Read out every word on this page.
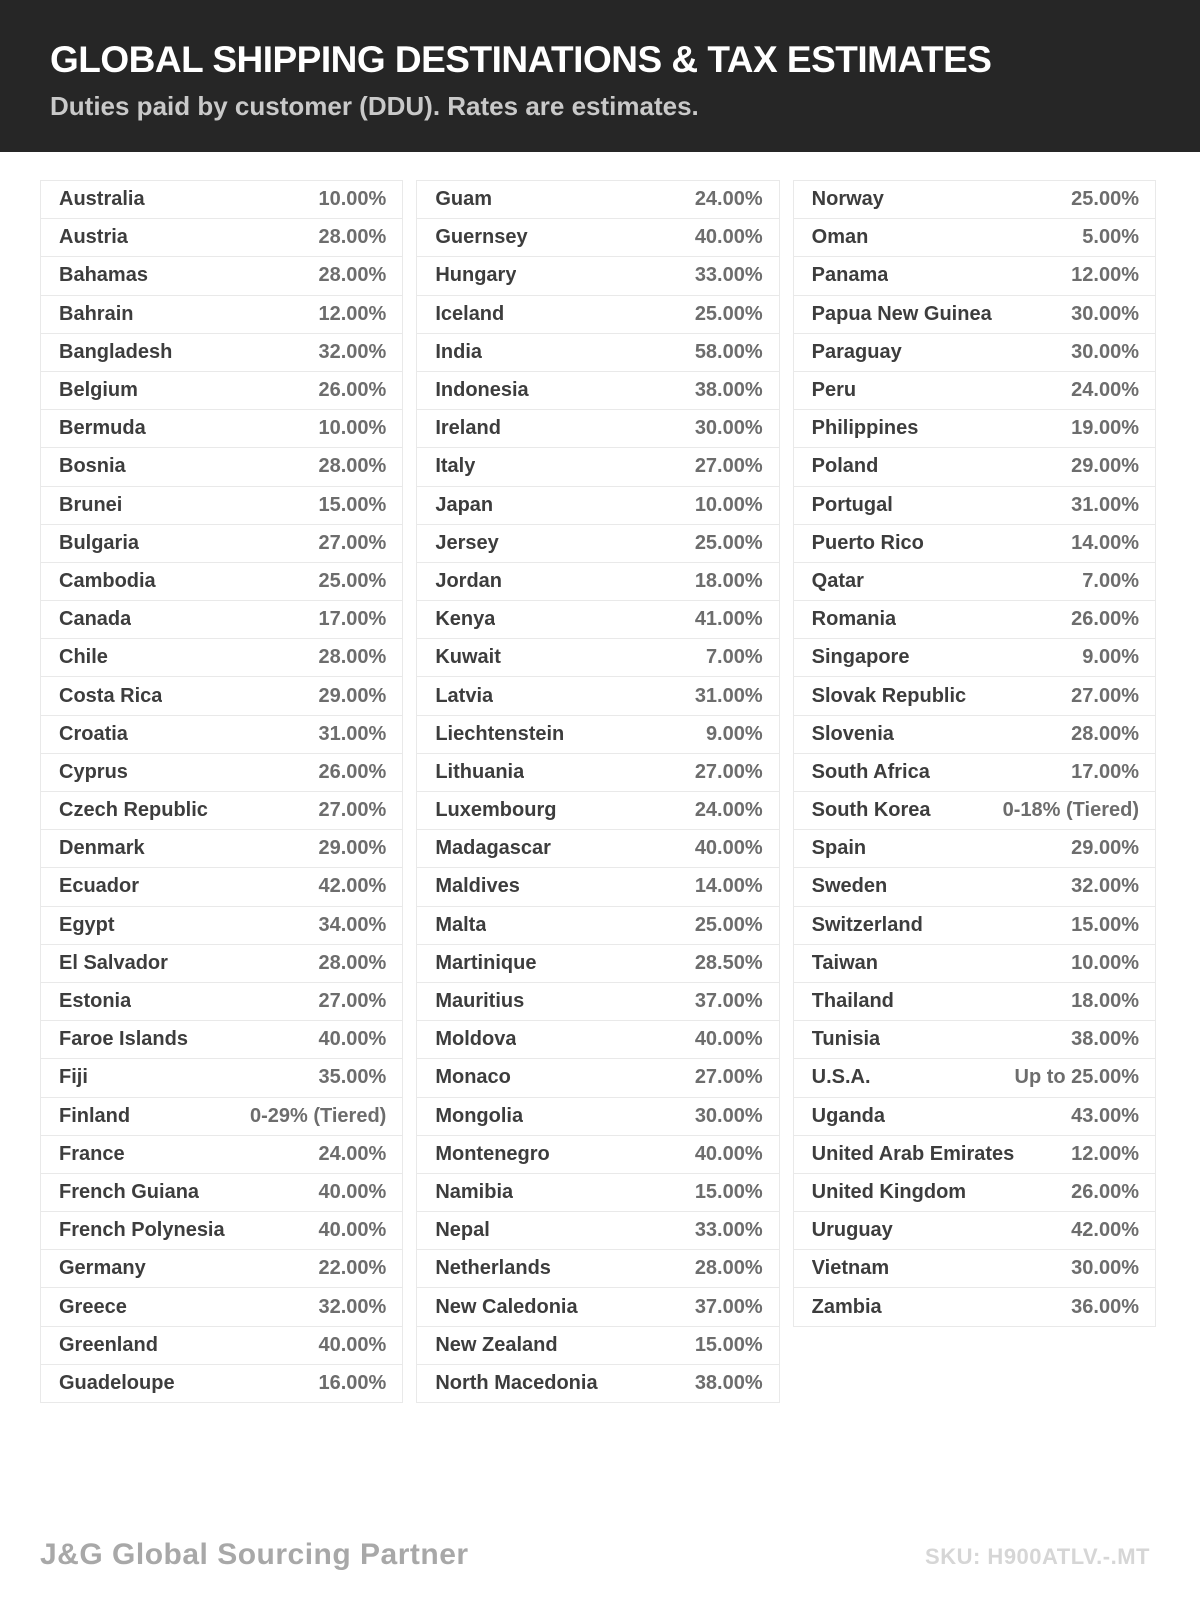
GLOBAL SHIPPING DESTINATIONS & TAX ESTIMATES
Duties paid by customer (DDU). Rates are estimates.
Australia	10.00%
Austria	28.00%
Bahamas	28.00%
Bahrain	12.00%
Bangladesh	32.00%
Belgium	26.00%
Bermuda	10.00%
Bosnia	28.00%
Brunei	15.00%
Bulgaria	27.00%
Cambodia	25.00%
Canada	17.00%
Chile	28.00%
Costa Rica	29.00%
Croatia	31.00%
Cyprus	26.00%
Czech Republic	27.00%
Denmark	29.00%
Ecuador	42.00%
Egypt	34.00%
El Salvador	28.00%
Estonia	27.00%
Faroe Islands	40.00%
Fiji	35.00%
Finland	0-29% (Tiered)
France	24.00%
French Guiana	40.00%
French Polynesia	40.00%
Germany	22.00%
Greece	32.00%
Greenland	40.00%
Guadeloupe	16.00%
Guam	24.00%
Guernsey	40.00%
Hungary	33.00%
Iceland	25.00%
India	58.00%
Indonesia	38.00%
Ireland	30.00%
Italy	27.00%
Japan	10.00%
Jersey	25.00%
Jordan	18.00%
Kenya	41.00%
Kuwait	7.00%
Latvia	31.00%
Liechtenstein	9.00%
Lithuania	27.00%
Luxembourg	24.00%
Madagascar	40.00%
Maldives	14.00%
Malta	25.00%
Martinique	28.50%
Mauritius	37.00%
Moldova	40.00%
Monaco	27.00%
Mongolia	30.00%
Montenegro	40.00%
Namibia	15.00%
Nepal	33.00%
Netherlands	28.00%
New Caledonia	37.00%
New Zealand	15.00%
North Macedonia	38.00%
Norway	25.00%
Oman	5.00%
Panama	12.00%
Papua New Guinea	30.00%
Paraguay	30.00%
Peru	24.00%
Philippines	19.00%
Poland	29.00%
Portugal	31.00%
Puerto Rico	14.00%
Qatar	7.00%
Romania	26.00%
Singapore	9.00%
Slovak Republic	27.00%
Slovenia	28.00%
South Africa	17.00%
South Korea	0-18% (Tiered)
Spain	29.00%
Sweden	32.00%
Switzerland	15.00%
Taiwan	10.00%
Thailand	18.00%
Tunisia	38.00%
U.S.A.	Up to 25.00%
Uganda	43.00%
United Arab Emirates	12.00%
United Kingdom	26.00%
Uruguay	42.00%
Vietnam	30.00%
Zambia	36.00%
J&G Global Sourcing Partner	SKU: H900ATLV.-.MT
